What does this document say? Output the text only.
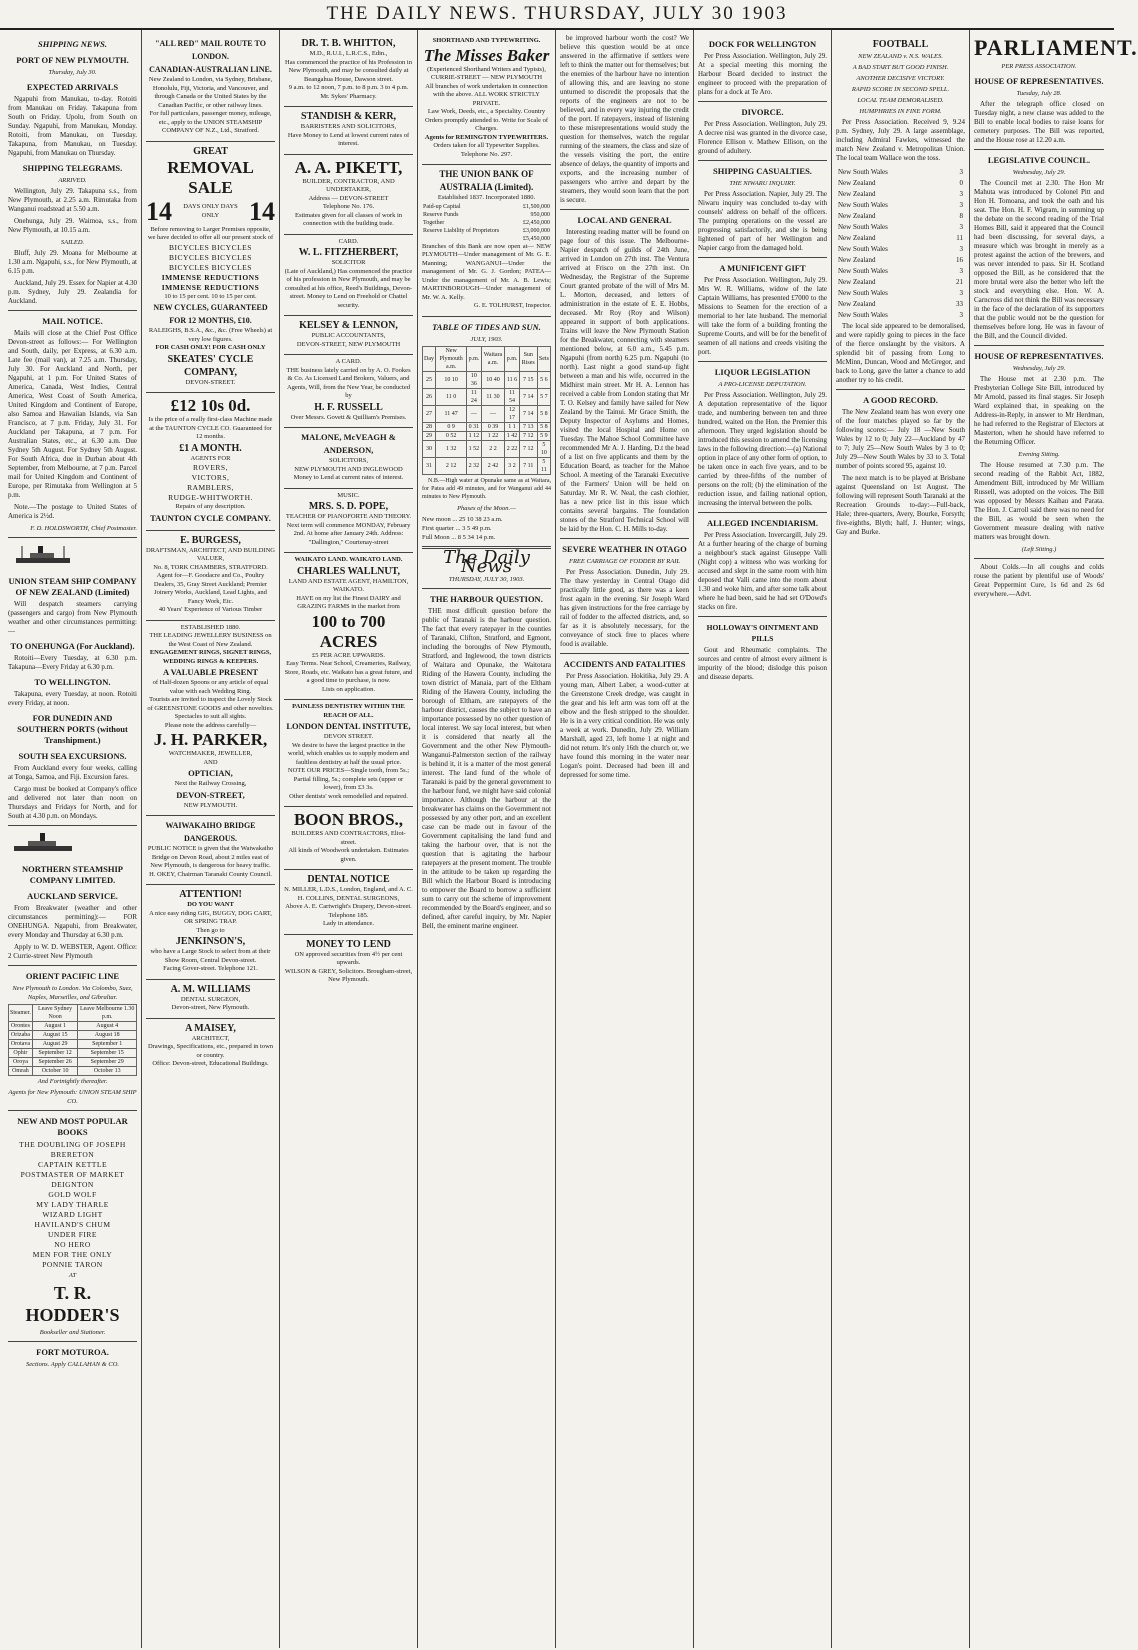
THE DAILY NEWS. THURSDAY, JULY 30 1903
SHIPPING NEWS.
PORT OF NEW PLYMOUTH.
Thursday, July 30.
EXPECTED ARRIVALS

Ngapuhi from Manukau, to-day. Rotoiti from Manukau on Friday. Takapuna from South on Friday. Upolu, from South on Sunday. Ngapuhi, from Manukau, Monday. Rotoiti, from Manukau, on Tuesday. Takapuna, from Manukau, on Tuesday. Ngapuhi, from Manukau on Thursday.

SHIPPING TELEGRAMS.
ARRIVED.

Wellington, July 29. Takapuna s.s., from New Plymouth, at 2.25 a.m. Rimutaka from Wanganui roadstead at 5.50 a.m.

Onehunga, July 29. Waimoa, s.s., from New Plymouth, at 10.15 a.m.

SAILED.

Bluff, July 29. Moana for Melbourne at 1.30 a.m. Ngapuhi, s.s., for New Plymouth, at 6.15 p.m.

Auckland, July 29. Essex for Napier at 4.30 p.m. Sydney, July 29. Zealandia for Auckland.

MAIL NOTICE.

Mails will close at the Chief Post Office Devon-street as follows:— For Wellington and South, daily, per Express, at 6.30 a.m. Late fee (mail van), at 7.25 a.m. Thursday, July 30. For Auckland and North, per Ngapuhi, at 1 p.m. For United States of America, Canada, West Indies, Central America, West Coast of South America, United Kingdom and Continent of Europe, also Samoa and Hawaiian Islands, via San Francisco, at 7 p.m. Friday, July 31. For Auckland per Takapuna, at 7 p.m. For Australian States, etc., at 6.30 a.m. Due Sydney 5th August. For Sydney 5th August. For South Africa, due in Durban about 4th September, from Melbourne, at 7 p.m. Parcel mail for United Kingdom and Continent of Europe, per Rimutaka from Wellington at 5 p.m.

Note.—The postage to United States of America is 2½d.

F. D. HOLDSWORTH, Chief Postmaster.
UNION STEAM SHIP COMPANY OF NEW ZEALAND (Limited)

Will despatch steamers carrying (passengers and cargo) from New Plymouth weather and other circumstances permitting:—

TO ONEHUNGA (For Auckland).

Rotoiti—Every Tuesday, at 6.30 p.m. Takapuna—Every Friday at 6.30 p.m.

TO WELLINGTON.

Takapuna, every Tuesday, at noon. Rotoiti every Friday, at noon.

FOR DUNEDIN AND SOUTHERN PORTS (without Transhipment.)
SOUTH SEA EXCURSIONS.

From Auckland every four weeks, calling at Tonga, Samoa, and Fiji. Excursion fares.

Cargo must be booked at Company's office and delivered not later than noon on Thursdays and Fridays for North, and for South at 4.30 p.m. on Mondays.

NORTHERN STEAMSHIP COMPANY LIMITED.
AUCKLAND SERVICE.

From Breakwater (weather and other circumstances permitting):— FOR ONEHUNGA. Ngapuhi, from Breakwater, every Monday and Thursday at 6.30 p.m.

Apply to W. D. WEBSTER, Agent. Office: 2 Currie-street New Plymouth

ORIENT PACIFIC LINE
New Plymouth to London. Via Colombo, Suez, Naples, Marseilles, and Gibraltar.
Steamer.	Leave Sydney Noon	Leave Melbourne 1.30 p.m.
Orontes	August 1	August 4
Orizaba	August 15	August 18
Orotava	August 29	September 1
Ophir	September 12	September 15
Oroya	September 26	September 29
Omrah	October 10	October 13
And Fortnightly thereafter.
Agents for New Plymouth: UNION STEAM SHIP CO.
NEW AND MOST POPULAR BOOKS
THE DOUBLING OF JOSEPH
BRERETON
CAPTAIN KETTLE
POSTMASTER OF MARKET
DEIGNTON
GOLD WOLF
MY LADY THARLE
WIZARD LIGHT
HAVILAND'S CHUM
UNDER FIRE
NO HERO
MEN FOR THE ONLY
PONNIE TARON
AT
T. R. HODDER'S
Bookseller and Stationer.
FORT MOTUROA.
Sections. Apply CALLAHAN & CO.
"ALL RED" MAIL ROUTE TO LONDON.
CANADIAN-AUSTRALIAN LINE.
New Zealand to London, via Sydney, Brisbane, Honolulu, Fiji, Victoria, and Vancouver, and through Canada or the United States by the Canadian Pacific, or other railway lines.
For full particulars, passenger money, mileage, etc., apply to the UNION STEAMSHIP COMPANY OF N.Z., Ltd., Stratford.
GREAT
REMOVAL SALE
14	DAYS ONLY DAYS ONLY	14
Before removing to Larger Premises opposite, we have decided to offer all our present stock of
BICYCLES BICYCLES
BICYCLES BICYCLES
BICYCLES BICYCLES
IMMENSE REDUCTIONS
IMMENSE REDUCTIONS
10 to 15 per cent. 10 to 15 per cent.
NEW CYCLES, GUARANTEED FOR 12 MONTHS, £10.
RALEIGHS, B.S.A., &c., &c. (Free Wheels) at very low figures.
FOR CASH ONLY! FOR CASH ONLY
SKEATES' CYCLE COMPANY,
DEVON-STREET.
£12 10s 0d.
Is the price of a really first-class Machine made at the TAUNTON CYCLE CO. Guaranteed for 12 months.
£1 A MONTH.
AGENTS FOR
ROVERS,
VICTORS,
RAMBLERS,
RUDGE-WHITWORTH.
Repairs of any description.
TAUNTON CYCLE COMPANY.
E. BURGESS,
DRAFTSMAN, ARCHITECT, AND BUILDING VALUER,
No. 8, TORK CHAMBERS, STRATFORD.
Agent for—F. Goodacre and Co., Poultry Dealers, 35, Gray Street Auckland; Premier Joinery Works, Auckland, Lead Lights, and Fancy Work, Etc.
40 Years' Experience of Various Timber
ESTABLISHED 1880.
THE LEADING JEWELLERY BUSINESS on the West Coast of New Zealand.
ENGAGEMENT RINGS, SIGNET RINGS, WEDDING RINGS & KEEPERS.
A VALUABLE PRESENT
of Half-dozen Spoons or any article of equal value with each Wedding Ring.
Tourists are invited to inspect the Lovely Stock of GREENSTONE GOODS and other novelties.
Spectacles to suit all sights.
Please note the address carefully—
J. H. PARKER,
WATCHMAKER, JEWELLER,
AND
OPTICIAN,
Next the Railway Crossing,
DEVON-STREET,
NEW PLYMOUTH.
WAIWAKAIHO BRIDGE DANGEROUS.
PUBLIC NOTICE is given that the Waiwakaiho Bridge on Devon Road, about 2 miles east of New Plymouth, is dangerous for heavy traffic.
H. OKEY, Chairman Taranaki County Council.
ATTENTION!
DO YOU WANT
A nice easy riding GIG, BUGGY, DOG CART, OR SPRING TRAP.
Then go to
JENKINSON'S,
who have a Large Stock to select from at their Show Room, Central Devon-street.
Facing Gover-street. Telephone 121.
A. M. WILLIAMS
DENTAL SURGEON,
Devon-street, New Plymouth.
A MAISEY,
ARCHITECT,
Drawings, Specifications, etc., prepared in town or country.
Office: Devon-street, Educational Buildings.
DR. T. B. WHITTON,
M.D., R.U.I., L.R.C.S., Edin.,
Has commenced the practice of his Profession in New Plymouth, and may be consulted daily at Beangahua House, Dawson street.
9 a.m. to 12 noon, 7 p.m. to 8 p.m. 3 to 4 p.m. Mr. Sykes' Pharmacy.
STANDISH & KERR,
BARRISTERS AND SOLICITORS,
Have Money to Lend at lowest current rates of interest.
A. A. PIKETT,
BUILDER, CONTRACTOR, AND UNDERTAKER,
Address — DEVON-STREET
Telephone No. 176.
Estimates given for all classes of work in connection with the building trade.
CARD.
W. L. FITZHERBERT,
SOLICITOR
(Late of Auckland,) Has commenced the practice of his profession in New Plymouth, and may be consulted at his office, Reed's Buildings, Devon-street. Money to Lend on Freehold or Chattel security.
KELSEY & LENNON,
PUBLIC ACCOUNTANTS,
DEVON-STREET, NEW PLYMOUTH
A CARD.
THE business lately carried on by A. O. Fookes & Co. As Licensed Land Brokers, Valuers, and Agents, Will, from the New Year, be conducted by
H. F. RUSSELL
Over Messrs. Govett & Quilliam's Premises.
MALONE, McVEAGH & ANDERSON,
SOLICITORS,
NEW PLYMOUTH AND INGLEWOOD
Money to Lend at current rates of interest.
MUSIC.
MRS. S. D. POPE,
TEACHER OF PIANOFORTE AND THEORY. Next term will commence MONDAY, February 2nd. At home after January 24th. Address: "Dallington," Courtenay-street
WAIKATO LAND. WAIKATO LAND.
CHARLES WALLNUT,
LAND AND ESTATE AGENT, HAMILTON, WAIKATO.
HAVE on my list the Finest DAIRY and GRAZING FARMS in the market from
100 to 700 ACRES
£5 PER ACRE UPWARDS.
Easy Terms. Near School, Creameries, Railway, Store, Roads, etc. Waikato has a great future, and a good time to purchase, is now.
Lists on application.
PAINLESS DENTISTRY WITHIN THE REACH OF ALL.
LONDON DENTAL INSTITUTE,
DEVON STREET.
We desire to have the largest practice in the world, which enables us to supply modern and faultless dentistry at half the usual price.
NOTE OUR PRICES—Single tooth, from 5s.; Partial filling, 5s.; complete sets (upper or lower), from £3 3s.
Other dentists' work remodelled and repaired.
BOON BROS.,
BUILDERS AND CONTRACTORS, Eliot-street.
All kinds of Woodwork undertaken. Estimates given.
DENTAL NOTICE
N. MILLER, L.D.S., London, England, and A. C. H. COLLINS, DENTAL SURGEONS,
Above A. E. Cartwright's Drapery, Devon-street.
Telephone 185.
Lady in attendance.
MONEY TO LEND
ON approved securities from 4½ per cent upwards.
WILSON & GREY, Solicitors. Brougham-street, New Plymouth.
SHORTHAND AND TYPEWRITING.
The Misses Baker
(Experienced Shorthand Writers and Typists),
CURRIE-STREET — NEW PLYMOUTH
All branches of work undertaken in connection with the above. ALL WORK STRICTLY PRIVATE.
Law Work, Deeds, etc., a Speciality. Country Orders promptly attended to. Write for Scale of Charges.
Agents for REMINGTON TYPEWRITERS.
Orders taken for all Typewriter Supplies. Telephone No. 297.
THE UNION BANK OF AUSTRALIA (Limited).
Established 1837. Incorporated 1880.
Paid-up Capital	£1,500,000
Reserve Funds	950,000
Together	£2,450,000
Reserve Liability of Proprietors	£3,000,000
	£5,450,000
Branches of this Bank are now open at— NEW PLYMOUTH—Under management of Mr. G. E. Manning; WANGANUI—Under the management of Mr. G. J. Gordon; PATEA—Under the management of Mr. A. B. Lewis; MARTINBOROUGH—Under management of Mr. W. A. Kelly.
G. E. TOLHURST, Inspector.
TABLE OF TIDES AND SUN.
JULY, 1903.
Day	New Plymouth a.m.	p.m.	Waitara a.m.	p.m.	Sun Rises	Sets
25	10 10	10 36	10 40	11 6	7 15	5 6
26	11 0	11 24	11 30	11 54	7 14	5 7
27	11 47	—	—	12 17	7 14	5 8
28	0 9	0 31	0 39	1 1	7 13	5 8
29	0 52	1 12	1 22	1 42	7 12	5 9
30	1 32	1 52	2 2	2 22	7 12	5 10
31	2 12	2 32	2 42	3 2	7 11	5 11

N.B.—High water at Opunake same as at Waitara, for Patea add 49 minutes, and for Wanganui add 44 minutes to New Plymouth.

Phases of the Moon.—
New moon ... 25 10 38 23 a.m.
First quarter ... 3 5 49 p.m.
Full Moon ... 8 5 34 14 p.m.
The Daily News
THURSDAY, JULY 30, 1903.
THE HARBOUR QUESTION.

THE most difficult question before the public of Taranaki is the harbour question. The fact that every ratepayer in the counties of Taranaki, Clifton, Stratford, and Egmont, including the boroughs of New Plymouth, Stratford, and Inglewood, the town districts of Waitara and Opunake, the Waitotara Riding of the Hawera County, including the town district of Manaia, part of the Eltham Riding of the Hawera County, including the borough of Eltham, are ratepayers of the harbour district, causes the subject to have an importance possessed by no other question of local interest. We say local interest, but when it is considered that nearly all the Government and the other New Plymouth-Wanganui-Palmerston section of the railway is behind it, it is a matter of the most general interest. The land fund of the whole of Taranaki is paid by the general government to the harbour fund, we might have said colonial importance. Although the harbour at the breakwater has claims on the Government not possessed by any other port, and an excellent case can be made out in favour of the Government capitalising the land fund and taking the harbour over, that is not the question that is agitating the harbour ratepayers at the present moment. The trouble in the attitude to be taken up regarding the Bill which the Harbour Board is introducing to empower the Board to borrow a sufficient sum to carry out the scheme of improvement recommended by the Board's engineer, and so defined, after careful inquiry, by Mr. Napier Bell, the eminent marine engineer.

be improved harbour worth the cost? We believe this question would be at once answered in the affirmative if settlers were left to think the matter out for themselves; but the enemies of the harbour have no intention of allowing this, and are leaving no stone unturned to discredit the proposals that the reports of the engineers are not to be believed, and in every way injuring the credit of the port. If ratepayers, instead of listening to these misrepresentations would study the question for themselves, watch the regular running of the steamers, the class and size of the vessels visiting the port, the entire absence of delays, the quantity of imports and exports, and the increasing number of passengers who arrive and depart by the steamers, they would soon learn that the port is secure.

LOCAL AND GENERAL

Interesting reading matter will be found on page four of this issue. The Melbourne-Napier despatch of guilds of 24th June, arrived in London on 27th inst. The Ventura arrived at Frisco on the 27th inst. On Wednesday, the Registrar of the Supreme Court granted probate of the will of Mrs M. L. Morton, deceased, and letters of administration in the estate of E. E. Hobbs, deceased. Mr Roy (Roy and Wilson) appeared in support of both applications. Trains will leave the New Plymouth Station for the Breakwater, connecting with steamers mentioned below, at 6.0 a.m., 5.45 p.m. Ngapuhi (from north) 6.25 p.m. Ngapuhi (to north). Last night a good stand-up fight between a man and his wife, occurred in the Midhirst main street. Mr H. A. Lennon has received a cable from London stating that Mr T. O. Kelsey and family have sailed for New Zealand by the Tainui. Mr Grace Smith, the Deputy Inspector of Asylums and Homes, visited the local Hospital and Home on Tuesday. The Mahoe School Committee have recommended Mr A. J. Harding, D.t the head of a list on five applicants and them by the Education Board, as teacher for the Mahoe School. A meeting of the Taranaki Executive of the Farmers' Union will be held on Saturday. Mr R. W. Neal, the cash clothier, has a new price list in this issue which contains several bargains. The foundation stones of the Stratford Technical School will be laid by the Hon. C. H. Mills to-day.

SEVERE WEATHER IN OTAGO
FREE CARRIAGE OF FODDER BY RAIL

Per Press Association. Dunedin, July 29. The thaw yesterday in Central Otago did practically little good, as there was a keen frost again in the evening. Sir Joseph Ward has given instructions for the free carriage by rail of fodder to the affected districts, and, so far as it is absolutely necessary, for the conveyance of stock free to places where food is available.

ACCIDENTS AND FATALITIES

Per Press Association. Hokitika, July 29. A young man, Albert Laber, a wood-cutter at the Greenstone Creek dredge, was caught in the gear and his left arm was torn off at the elbow and the flesh stripped to the shoulder. He is in a very critical condition. He was only a week at work. Dunedin, July 29. William Marshall, aged 23, left home 1 at night and did not return. It's only 16th the church or, we have found this morning in the water near Logan's point. Deceased had been ill and depressed for some time.

DOCK FOR WELLINGTON

Per Press Association. Wellington, July 29. At a special meeting this morning the Harbour Board decided to instruct the engineer to proceed with the preparation of plans for a dock at Te Aro.

DIVORCE.

Per Press Association. Wellington, July 29. A decree nisi was granted in the divorce case, Florence Ellison v. Mathew Ellison, on the ground of adultery.

SHIPPING CASUALTIES.
THE NIWARU INQUIRY.

Per Press Association. Napier, July 29. The Niwaru inquiry was concluded to-day with counsels' address on behalf of the officers. The pumping operations on the vessel are progressing satisfactorily, and she is being lightened of part of her Wellington and Napier cargo from the damaged hold.

A MUNIFICENT GIFT

Per Press Association. Wellington, July 29. Mrs W. R. Williams, widow of the late Captain Williams, has presented £7000 to the Missions to Seamen for the erection of a memorial to her late husband. The memorial will take the form of a building fronting the Supreme Courts, and will be for the benefit of seamen of all nations and creeds visiting the port.

LIQUOR LEGISLATION
A PRO-LICENSE DEPUTATION.

Per Press Association. Wellington, July 29. A deputation representative of the liquor trade, and numbering between ten and three hundred, waited on the Hon. the Premier this afternoon. They urged legislation should be introduced this session to amend the licensing laws in the following direction:—(a) National option in place of any other form of option, to be taken once in each five years, and to be carried by three-fifths of the number of persons on the roll; (b) the elimination of the reduction issue, and failing national option, increasing the interval between the polls.

ALLEGED INCENDIARISM.

Per Press Association. Invercargill, July 29. At a further hearing of the charge of burning a neighbour's stack against Giuseppe Valli (Night cop) a witness who was working for accused and slept in the same room with him deposed that Valli came into the room about 1.30 and woke him, and after some talk about where he had been, said he had set O'Dowd's stacks on fire.

HOLLOWAY'S OINTMENT AND PILLS

Gout and Rheumatic complaints. The sources and centre of almost every ailment is impurity of the blood; dislodge this poison and disease departs.

FOOTBALL
NEW ZEALAND v. N.S. WALES.
A BAD START BUT GOOD FINISH.
ANOTHER DECISIVE VICTORY.
RAPID SCORE IN SECOND SPELL.
LOCAL TEAM DEMORALISED.
HUMPHRIES IN FINE FORM.

Per Press Association. Received 9, 9.24 p.m. Sydney, July 29. A large assemblage, including Admiral Fawkes, witnessed the match New Zealand v. Metropolitan Union. The local team Wallace won the toss.

New South Wales	3
New Zealand	0
New Zealand	3
New South Wales	3
New Zealand	8
New South Wales	3
New Zealand	11
New South Wales	3
New Zealand	16
New South Wales	3
New Zealand	21
New South Wales	3
New Zealand	33
New South Wales	3

The local side appeared to be demoralised, and were rapidly going to pieces in the face of the fierce onslaught by the visitors. A splendid bit of passing from Long to McMinn, Duncan, Wood and McGregor, and back to Long, gave the latter a chance to add another try to his credit.

A GOOD RECORD.

The New Zealand team has won every one of the four matches played so far by the following scores:— July 18 —New South Wales by 12 to 0; July 22—Auckland by 47 to 7; July 25—New South Wales by 3 to 0; July 29—New South Wales by 33 to 3. Total number of points scored 95, against 10.

The next match is to be played at Brisbane against Queensland on 1st August. The following will represent South Taranaki at the Recreation Grounds to-day:—Full-back, Hale; three-quarters, Avery, Bourke, Forsyth; five-eighths, Blyth; half, J. Hunter; wings, Gay and Burke.

PARLIAMENT.
PER PRESS ASSOCIATION.
HOUSE OF REPRESENTATIVES.
Tuesday, July 28.

After the telegraph office closed on Tuesday night, a new clause was added to the Bill to enable local bodies to raise loans for cemetery purposes. The Bill was reported, and the House rose at 12.20 a.m.

LEGISLATIVE COUNCIL.
Wednesday, July 29.

The Council met at 2.30. The Hon Mr Mahuta was introduced by Colonel Pitt and Hon H. Tomoana, and took the oath and his seat. The Hon. H. F. Wigram, in summing up the debate on the second reading of the Trial Homes Bill, said it appeared that the Council had been discussing, for several days, a measure which was brought in merely as a protest against the action of the brewers, and was never intended to pass. Sir H. Scotland opposed the Bill, as he considered that the more brutal were also the better who left the stock and everything else. Hon. W. A. Carncross did not think the Bill was necessary in the face of the declaration of its supporters that the public would not be the question for themselves before long. He was in favour of the Bill, and the Council divided.

HOUSE OF REPRESENTATIVES.
Wednesday, July 29.

The House met at 2.30 p.m. The Presbyterian College Site Bill, introduced by Mr Arnold, passed its final stages. Sir Joseph Ward explained that, in speaking on the Address-in-Reply, in answer to Mr Herdman, he had referred to the Registrar of Electors at Masterton, when he should have referred to the Returning Officer.

Evening Sitting.

The House resumed at 7.30 p.m. The second reading of the Rabbit Act, 1882, Amendment Bill, introduced by Mr William Russell, was adopted on the voices. The Bill was opposed by Messrs Kaihau and Parata. The Hon. J. Carroll said there was no need for the Bill, as would be seen when the Government measure dealing with native matters was brought down.

(Left Sitting.)

About Colds.—In all coughs and colds rouse the patient by plentiful use of Woods' Great Peppermint Cure, 1s 6d and 2s 6d everywhere.—Advt.
